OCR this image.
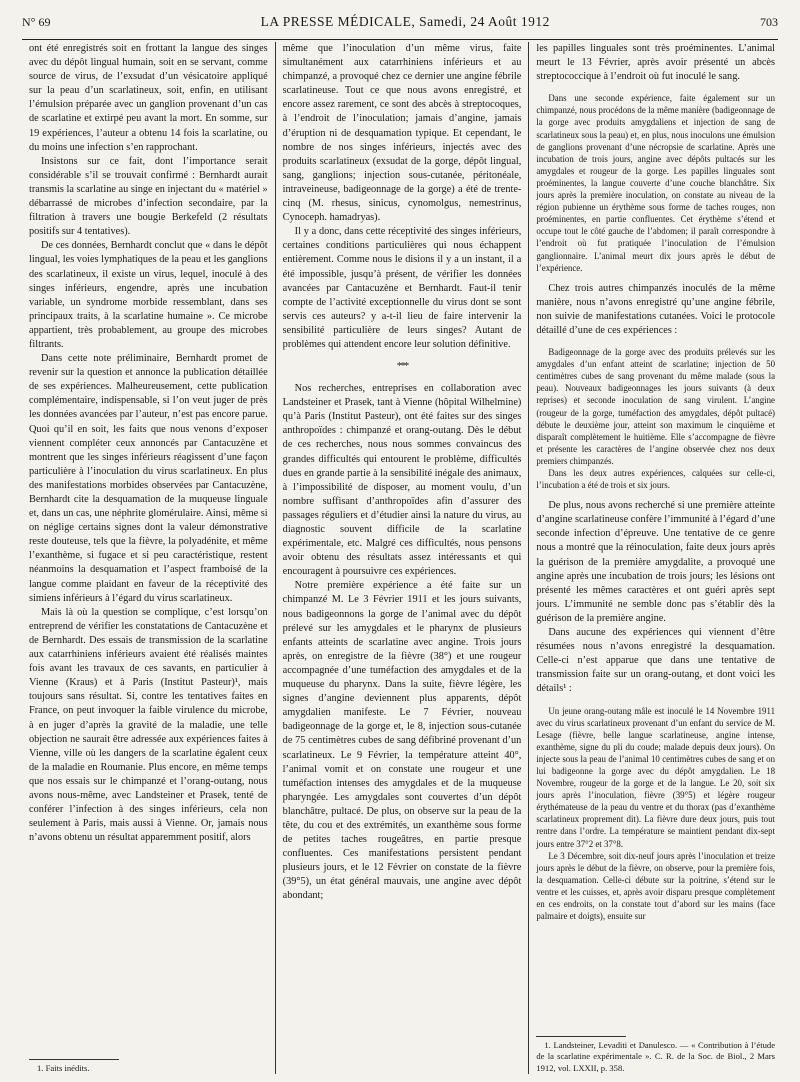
N° 69	LA PRESSE MÉDICALE, Samedi, 24 Août 1912	703

ont été enregistrés soit en frottant la langue des singes avec du dépôt lingual humain, soit en se servant, comme source de virus, de l’exsudat d’un vésicatoire appliqué sur la peau d’un scarlatineux, soit, enfin, en utilisant l’émulsion préparée avec un ganglion provenant d’un cas de scarlatine et extirpé peu avant la mort. En somme, sur 19 expériences, l’auteur a obtenu 14 fois la scarlatine, ou du moins une infection s’en rapprochant.

Insistons sur ce fait, dont l’importance serait considérable s’il se trouvait confirmé : Bernhardt aurait transmis la scarlatine au singe en injectant du « matériel » débarrassé de microbes d’infection secondaire, par la filtration à travers une bougie Berkefeld (2 résultats positifs sur 4 tentatives).

De ces données, Bernhardt conclut que « dans le dépôt lingual, les voies lymphatiques de la peau et les ganglions des scarlatineux, il existe un virus, lequel, inoculé à des singes inférieurs, engendre, après une incubation variable, un syndrome morbide ressemblant, dans ses principaux traits, à la scarlatine humaine ». Ce microbe appartient, très probablement, au groupe des microbes filtrants.

Dans cette note préliminaire, Bernhardt promet de revenir sur la question et annonce la publication détaillée de ses expériences. Malheureusement, cette publication complémentaire, indispensable, si l’on veut juger de près les données avancées par l’auteur, n’est pas encore parue. Quoi qu’il en soit, les faits que nous venons d’exposer viennent compléter ceux annoncés par Cantacuzène et montrent que les singes inférieurs réagissent d’une façon particulière à l’inoculation du virus scarlatineux. En plus des manifestations morbides observées par Cantacuzène, Bernhardt cite la desquamation de la muqueuse linguale et, dans un cas, une néphrite glomérulaire. Ainsi, même si on néglige certains signes dont la valeur démonstrative reste douteuse, tels que la fièvre, la polyadénite, et même l’exanthème, si fugace et si peu caractéristique, restent néanmoins la desquamation et l’aspect framboisé de la langue comme plaidant en faveur de la réceptivité des simiens inférieurs à l’égard du virus scarlatineux.

Mais là où la question se complique, c’est lorsqu’on entreprend de vérifier les constatations de Cantacuzène et de Bernhardt. Des essais de transmission de la scarlatine aux catarrhiniens inférieurs avaient été réalisés maintes fois avant les travaux de ces savants, en particulier à Vienne (Kraus) et à Paris (Institut Pasteur)¹, mais toujours sans résultat. Si, contre les tentatives faites en France, on peut invoquer la faible virulence du microbe, à en juger d’après la gravité de la maladie, une telle objection ne saurait être adressée aux expériences faites à Vienne, ville où les dangers de la scarlatine égalent ceux de la maladie en Roumanie. Plus encore, en même temps que nos essais sur le chimpanzé et l’orang-outang, nous avons nous-même, avec Landsteiner et Prasek, tenté de conférer l’infection à des singes inférieurs, cela non seulement à Paris, mais aussi à Vienne. Or, jamais nous n’avons obtenu un résultat apparemment positif, alors

1. Faits inédits.

même que l’inoculation d’un même virus, faite simultanément aux catarrhiniens inférieurs et au chimpanzé, a provoqué chez ce dernier une angine fébrile scarlatineuse. Tout ce que nous avons enregistré, et encore assez rarement, ce sont des abcès à streptocoques, à l’endroit de l’inoculation; jamais d’angine, jamais d’éruption ni de desquamation typique. Et cependant, le nombre de nos singes inférieurs, injectés avec des produits scarlatineux (exsudat de la gorge, dépôt lingual, sang, ganglions; injection sous-cutanée, péritonéale, intraveineuse, badigeonnage de la gorge) a été de trente-cinq (M. rhesus, sinicus, cynomolgus, nemestrinus, Cynoceph. hamadryas).

Il y a donc, dans cette réceptivité des singes inférieurs, certaines conditions particulières qui nous échappent entièrement. Comme nous le disions il y a un instant, il a été impossible, jusqu’à présent, de vérifier les données avancées par Cantacuzène et Bernhardt. Faut-il tenir compte de l’activité exceptionnelle du virus dont se sont servis ces auteurs? y a-t-il lieu de faire intervenir la sensibilité particulière de leurs singes? Autant de problèmes qui attendent encore leur solution définitive.

***

Nos recherches, entreprises en collaboration avec Landsteiner et Prasek, tant à Vienne (hôpital Wilhelmine) qu’à Paris (Institut Pasteur), ont été faites sur des singes anthropoïdes : chimpanzé et orang-outang. Dès le début de ces recherches, nous nous sommes convaincus des grandes difficultés qui entourent le problème, difficultés dues en grande partie à la sensibilité inégale des animaux, à l’impossibilité de disposer, au moment voulu, d’un nombre suffisant d’anthropoïdes afin d’assurer des passages réguliers et d’étudier ainsi la nature du virus, au diagnostic souvent difficile de la scarlatine expérimentale, etc. Malgré ces difficultés, nous pensons avoir obtenu des résultats assez intéressants et qui encouragent à poursuivre ces expériences.

Notre première expérience a été faite sur un chimpanzé M. Le 3 Février 1911 et les jours suivants, nous badigeonnons la gorge de l’animal avec du dépôt prélevé sur les amygdales et le pharynx de plusieurs enfants atteints de scarlatine avec angine. Trois jours après, on enregistre de la fièvre (38°) et une rougeur accompagnée d’une tuméfaction des amygdales et de la muqueuse du pharynx. Dans la suite, fièvre légère, les signes d’angine deviennent plus apparents, dépôt amygdalien manifeste. Le 7 Février, nouveau badigeonnage de la gorge et, le 8, injection sous-cutanée de 75 centimètres cubes de sang défibriné provenant d’un scarlatineux. Le 9 Février, la température atteint 40°, l’animal vomit et on constate une rougeur et une tuméfaction intenses des amygdales et de la muqueuse pharyngée. Les amygdales sont couvertes d’un dépôt blanchâtre, pultacé. De plus, on observe sur la peau de la tête, du cou et des extrémités, un exanthème sous forme de petites taches rougeâtres, en partie presque confluentes. Ces manifestations persistent pendant plusieurs jours, et le 12 Février on constate de la fièvre (39°5), un état général mauvais, une angine avec dépôt abondant;

les papilles linguales sont très proéminentes. L’animal meurt le 13 Février, après avoir présenté un abcès streptococcique à l’endroit où fut inoculé le sang.

Dans une seconde expérience, faite également sur un chimpanzé, nous procédons de la même manière (badigeonnage de la gorge avec produits amygdaliens et injection de sang de scarlatineux sous la peau) et, en plus, nous inoculons une émulsion de ganglions provenant d’une nécropsie de scarlatine. Après une incubation de trois jours, angine avec dépôts pultacés sur les amygdales et rougeur de la gorge. Les papilles linguales sont proéminentes, la langue couverte d’une couche blanchâtre. Six jours après la première inoculation, on constate au niveau de la région pubienne un érythème sous forme de taches rouges, non proéminentes, en partie confluentes. Cet érythème s’étend et occupe tout le côté gauche de l’abdomen; il paraît correspondre à l’endroit où fut pratiquée l’inoculation de l’émulsion ganglionnaire. L’animal meurt dix jours après le début de l’expérience.

Chez trois autres chimpanzés inoculés de la même manière, nous n’avons enregistré qu’une angine fébrile, non suivie de manifestations cutanées. Voici le protocole détaillé d’une de ces expériences :

Badigeonnage de la gorge avec des produits prélevés sur les amygdales d’un enfant atteint de scarlatine; injection de 50 centimètres cubes de sang provenant du même malade (sous la peau). Nouveaux badigeonnages les jours suivants (à deux reprises) et seconde inoculation de sang virulent. L’angine (rougeur de la gorge, tuméfaction des amygdales, dépôt pultacé) débute le deuxième jour, atteint son maximum le cinquième et disparaît complètement le huitième. Elle s’accompagne de fièvre et présente les caractères de l’angine observée chez nos deux premiers chimpanzés.

Dans les deux autres expériences, calquées sur celle-ci, l’incubation a été de trois et six jours.

De plus, nous avons recherché si une première atteinte d’angine scarlatineuse confère l’immunité à l’égard d’une seconde infection d’épreuve. Une tentative de ce genre nous a montré que la réinoculation, faite deux jours après la guérison de la première amygdalite, a provoqué une angine après une incubation de trois jours; les lésions ont présenté les mêmes caractères et ont guéri après sept jours. L’immunité ne semble donc pas s’établir dès la guérison de la première angine.

Dans aucune des expériences qui viennent d’être résumées nous n’avons enregistré la desquamation. Celle-ci n’est apparue que dans une tentative de transmission faite sur un orang-outang, et dont voici les détails¹ :

Un jeune orang-outang mâle est inoculé le 14 Novembre 1911 avec du virus scarlatineux provenant d’un enfant du service de M. Lesage (fièvre, belle langue scarlatineuse, angine intense, exanthème, signe du pli du coude; malade depuis deux jours). On injecte sous la peau de l’animal 10 centimètres cubes de sang et on lui badigeonne la gorge avec du dépôt amygdalien. Le 18 Novembre, rougeur de la gorge et de la langue. Le 20, soit six jours après l’inoculation, fièvre (39°5) et légère rougeur érythémateuse de la peau du ventre et du thorax (pas d’exanthème scarlatineux proprement dit). La fièvre dure deux jours, puis tout rentre dans l’ordre. La température se maintient pendant dix-sept jours entre 37°2 et 37°8.

Le 3 Décembre, soit dix-neuf jours après l’inoculation et treize jours après le début de la fièvre, on observe, pour la première fois, la desquamation. Celle-ci débute sur la poitrine, s’étend sur le ventre et les cuisses, et, après avoir disparu presque complètement en ces endroits, on la constate tout d’abord sur les mains (face palmaire et doigts), ensuite sur

1. Landsteiner, Levaditi et Danulesco. — « Contribution à l’étude de la scarlatine expérimentale ». C. R. de la Soc. de Biol., 2 Mars 1912, vol. LXXII, p. 358.
